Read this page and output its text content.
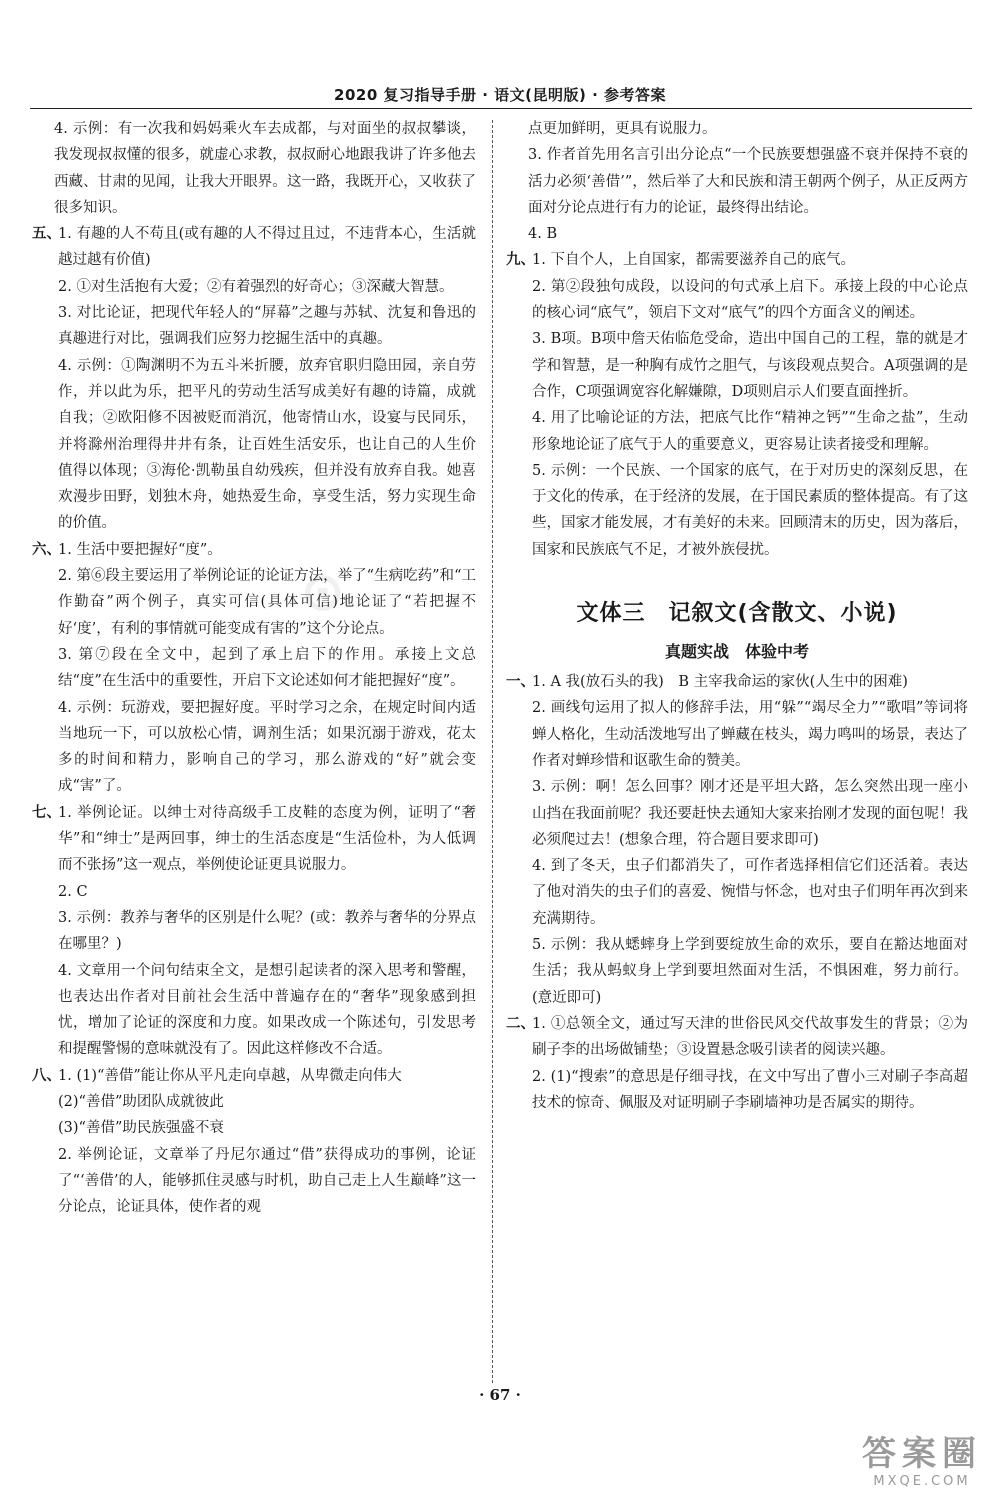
2020 复习指导手册 · 语文(昆明版) · 参考答案
⊙

4. 示例：有一次我和妈妈乘火车去成都，与对面坐的叔叔攀谈，我发现叔叔懂的很多，就虚心求教，叔叔耐心地跟我讲了许多他去西藏、甘肃的见闻，让我大开眼界。这一路，我既开心，又收获了很多知识。

五、

1. 有趣的人不苟且(或有趣的人不得过且过，不违背本心，生活就越过越有价值)

2. ①对生活抱有大爱；②有着强烈的好奇心；③深藏大智慧。

3. 对比论证，把现代年轻人的“屏幕”之趣与苏轼、沈复和鲁迅的真趣进行对比，强调我们应努力挖掘生活中的真趣。

4. 示例：①陶渊明不为五斗米折腰，放弃官职归隐田园，亲自劳作，并以此为乐，把平凡的劳动生活写成美好有趣的诗篇，成就自我；②欧阳修不因被贬而消沉，他寄情山水，设宴与民同乐，并将滁州治理得井井有条，让百姓生活安乐，也让自己的人生价值得以体现；③海伦·凯勒虽自幼残疾，但并没有放弃自我。她喜欢漫步田野，划独木舟，她热爱生命，享受生活，努力实现生命的价值。

六、

1. 生活中要把握好“度”。

2. 第⑥段主要运用了举例论证的论证方法，举了“生病吃药”和“工作勤奋”两个例子，真实可信(具体可信)地论证了“若把握不好‘度’，有利的事情就可能变成有害的”这个分论点。

3. 第⑦段在全文中，起到了承上启下的作用。承接上文总结“度”在生活中的重要性，开启下文论述如何才能把握好“度”。

4. 示例：玩游戏，要把握好度。平时学习之余，在规定时间内适当地玩一下，可以放松心情，调剂生活；如果沉溺于游戏，花太多的时间和精力，影响自己的学习，那么游戏的“好”就会变成“害”了。

七、

1. 举例论证。以绅士对待高级手工皮鞋的态度为例，证明了“奢华”和“绅士”是两回事，绅士的生活态度是“生活俭朴，为人低调而不张扬”这一观点，举例使论证更具说服力。

2. C

3. 示例：教养与奢华的区别是什么呢？(或：教养与奢华的分界点在哪里？)

4. 文章用一个问句结束全文，是想引起读者的深入思考和警醒，也表达出作者对目前社会生活中普遍存在的“奢华”现象感到担忧，增加了论证的深度和力度。如果改成一个陈述句，引发思考和提醒警惕的意味就没有了。因此这样修改不合适。

八、

1. (1)“善借”能让你从平凡走向卓越，从卑微走向伟大

(2)“善借”助团队成就彼此

(3)“善借”助民族强盛不衰

2. 举例论证，文章举了丹尼尔通过“借”获得成功的事例，论证了“‘善借’的人，能够抓住灵感与时机，助自己走上人生巅峰”这一分论点，论证具体，使作者的观

点更加鲜明，更具有说服力。

3. 作者首先用名言引出分论点“一个民族要想强盛不衰并保持不衰的活力必须‘善借’”，然后举了大和民族和清王朝两个例子，从正反两方面对分论点进行有力的论证，最终得出结论。

4. B

九、

1. 下自个人，上自国家，都需要滋养自己的底气。

2. 第②段独句成段，以设问的句式承上启下。承接上段的中心论点的核心词“底气”，领启下文对“底气”的四个方面含义的阐述。

3. B项。B项中詹天佑临危受命，造出中国自己的工程，靠的就是才学和智慧，是一种胸有成竹之胆气，与该段观点契合。A项强调的是合作，C项强调宽容化解嫌隙，D项则启示人们要直面挫折。

4. 用了比喻论证的方法，把底气比作“精神之钙”“生命之盐”，生动形象地论证了底气于人的重要意义，更容易让读者接受和理解。

5. 示例：一个民族、一个国家的底气，在于对历史的深刻反思，在于文化的传承，在于经济的发展，在于国民素质的整体提高。有了这些，国家才能发展，才有美好的未来。回顾清末的历史，因为落后，国家和民族底气不足，才被外族侵扰。

文体三　记叙文(含散文、小说)
真题实战　体验中考
一、

1. A 我(放石头的我)　B 主宰我命运的家伙(人生中的困难)

2. 画线句运用了拟人的修辞手法，用“躲”“竭尽全力”“歌唱”等词将蝉人格化，生动活泼地写出了蝉藏在枝头，竭力鸣叫的场景，表达了作者对蝉珍惜和讴歌生命的赞美。

3. 示例：啊！怎么回事？刚才还是平坦大路，怎么突然出现一座小山挡在我面前呢？我还要赶快去通知大家来抬刚才发现的面包呢！我必须爬过去！(想象合理，符合题目要求即可)

4. 到了冬天，虫子们都消失了，可作者选择相信它们还活着。表达了他对消失的虫子们的喜爱、惋惜与怀念，也对虫子们明年再次到来充满期待。

5. 示例：我从蟋蟀身上学到要绽放生命的欢乐，要自在豁达地面对生活；我从蚂蚁身上学到要坦然面对生活，不惧困难，努力前行。(意近即可)

二、

1. ①总领全文，通过写天津的世俗民风交代故事发生的背景；②为刷子李的出场做铺垫；③设置悬念吸引读者的阅读兴趣。

2. (1)“搜索”的意思是仔细寻找，在文中写出了曹小三对刷子李高超技术的惊奇、佩服及对证明刷子李刷墙神功是否属实的期待。

· 67 ·
答案圈
MXQE.COM
